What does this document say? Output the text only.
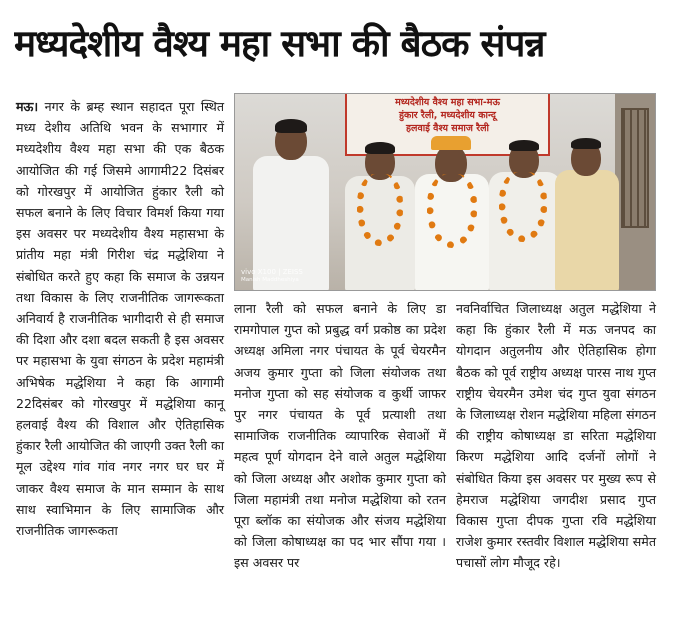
मध्यदेशीय वैश्य महा सभा की बैठक संपन्न
मऊ। नगर के ब्रम्ह स्थान सहादत पूरा स्थित मध्य देशीय अतिथि भवन के सभागार में मध्यदेशीय वैश्य महा सभा की एक बैठक आयोजित की गई जिसमे आगामी22 दिसंबर को गोरखपुर में आयोजित हुंकार रैली को सफल बनाने के लिए विचार विमर्श किया गया इस अवसर पर मध्यदेशीय वैश्य महासभा के प्रांतीय महा मंत्री गिरीश चंद्र मद्धेशिया ने संबोधित करते हुए कहा कि समाज के उन्नयन तथा विकास के लिए राजनीतिक जागरूकता अनिवार्य है राजनीतिक भागीदारी से ही समाज की दिशा और दशा बदल सकती है इस अवसर पर महासभा के युवा संगठन के प्रदेश महामंत्री अभिषेक मद्धेशिया ने कहा कि आगामी 22दिसंबर को गोरखपुर में मद्धेशिया कानू हलवाई वैश्य की विशाल और ऐतिहासिक हुंकार रैली आयोजित की जाएगी उक्त रैली का मूल उद्देश्य गांव गांव नगर नगर घर घर में जाकर वैश्य समाज के मान सम्मान के साथ साथ स्वाभिमान के लिए सामाजिक और राजनीतिक जागरूकता
मध्यदेशीय वैश्य महा सभा-मऊ
हुंकार रैली, मध्यदेशीय कान्दू
हलवाई वैश्य समाज रैली
vivo X100 | ZEISS
Manish Maddheshiya
लाना रैली को सफल बनाने के लिए डा रामगोपाल गुप्त को प्रबुद्ध वर्ग प्रकोष्ठ का प्रदेश अध्यक्ष अमिला नगर पंचायत के पूर्व चेयरमैन अजय कुमार गुप्ता को जिला संयोजक तथा मनोज गुप्ता को सह संयोजक व कुर्थी जाफर पुर नगर पंचायत के पूर्व प्रत्याशी तथा सामाजिक राजनीतिक व्यापारिक सेवाओं में महत्व पूर्ण योगदान देने वाले अतुल मद्धेशिया को जिला अध्यक्ष और अशोक कुमार गुप्ता को जिला महामंत्री तथा मनोज मद्धेशिया को रतन पूरा ब्लॉक का संयोजक और संजय मद्धेशिया को जिला कोषाध्यक्ष का पद भार सौंपा गया । इस अवसर पर
नवनिर्वाचित जिलाध्यक्ष अतुल मद्धेशिया ने कहा कि हुंकार रैली में मऊ जनपद का योगदान अतुलनीय और ऐतिहासिक होगा बैठक को पूर्व राष्ट्रीय अध्यक्ष पारस नाथ गुप्त राष्ट्रीय चेयरमैन उमेश चंद गुप्त युवा संगठन के जिलाध्यक्ष रोशन मद्धेशिया महिला संगठन की राष्ट्रीय कोषाध्यक्ष डा सरिता मद्धेशिया किरण मद्धेशिया आदि दर्जनों लोगों ने संबोधित किया इस अवसर पर मुख्य रूप से हेमराज मद्धेशिया जगदीश प्रसाद गुप्त विकास गुप्ता दीपक गुप्ता रवि मद्धेशिया राजेश कुमार रस्तवीर विशाल मद्धेशिया समेत पचासों लोग मौजूद रहे।
